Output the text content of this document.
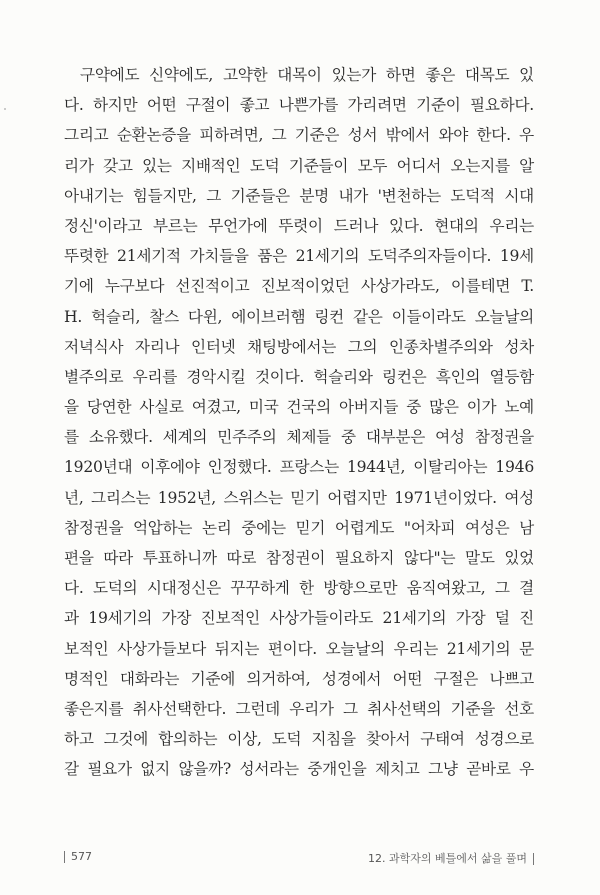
구약에도 신약에도, 고약한 대목이 있는가 하면 좋은 대목도 있
다. 하지만 어떤 구절이 좋고 나쁜가를 가리려면 기준이 필요하다.
그리고 순환논증을 피하려면, 그 기준은 성서 밖에서 와야 한다. 우
리가 갖고 있는 지배적인 도덕 기준들이 모두 어디서 오는지를 알
아내기는 힘들지만, 그 기준들은 분명 내가 '변천하는 도덕적 시대
정신'이라고 부르는 무언가에 뚜렷이 드러나 있다. 현대의 우리는
뚜렷한 21세기적 가치들을 품은 21세기의 도덕주의자들이다. 19세
기에 누구보다 선진적이고 진보적이었던 사상가라도, 이를테면 T.
H. 헉슬리, 찰스 다윈, 에이브러햄 링컨 같은 이들이라도 오늘날의
저녁식사 자리나 인터넷 채팅방에서는 그의 인종차별주의와 성차
별주의로 우리를 경악시킬 것이다. 헉슬리와 링컨은 흑인의 열등함
을 당연한 사실로 여겼고, 미국 건국의 아버지들 중 많은 이가 노예
를 소유했다. 세계의 민주주의 체제들 중 대부분은 여성 참정권을
1920년대 이후에야 인정했다. 프랑스는 1944년, 이탈리아는 1946
년, 그리스는 1952년, 스위스는 믿기 어렵지만 1971년이었다. 여성
참정권을 억압하는 논리 중에는 믿기 어렵게도 "어차피 여성은 남
편을 따라 투표하니까 따로 참정권이 필요하지 않다"는 말도 있었
다. 도덕의 시대정신은 꾸꾸하게 한 방향으로만 움직여왔고, 그 결
과 19세기의 가장 진보적인 사상가들이라도 21세기의 가장 덜 진
보적인 사상가들보다 뒤지는 편이다. 오늘날의 우리는 21세기의 문
명적인 대화라는 기준에 의거하여, 성경에서 어떤 구절은 나쁘고
좋은지를 취사선택한다. 그런데 우리가 그 취사선택의 기준을 선호
하고 그것에 합의하는 이상, 도덕 지침을 찾아서 구태여 성경으로
갈 필요가 없지 않을까? 성서라는 중개인을 제치고 그냥 곧바로 우
577	12. 과학자의 베틀에서 삶을 풀며
